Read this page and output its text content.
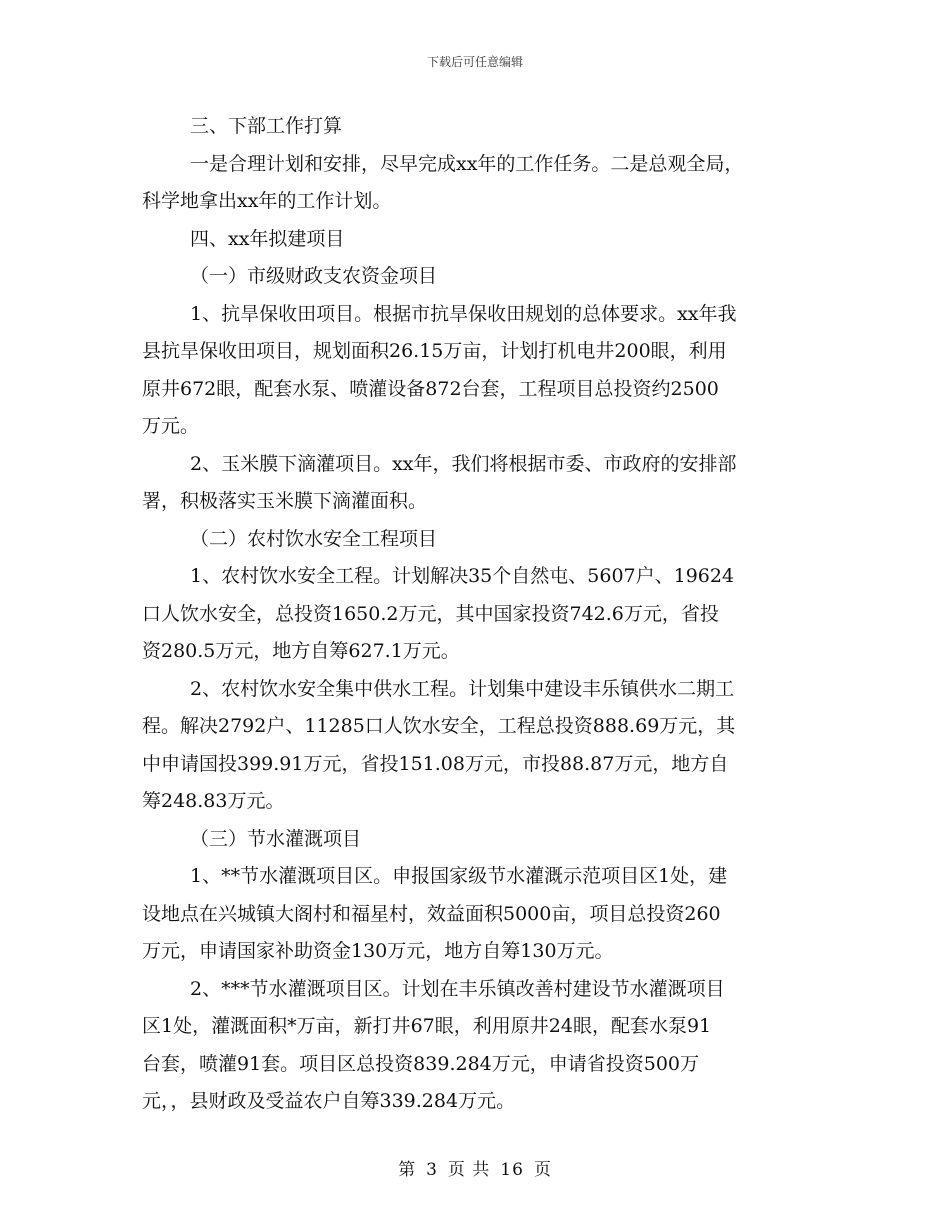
下载后可任意编辑
三、下部工作打算
一是合理计划和安排，尽早完成xx年的工作任务。二是总观全局，
科学地拿出xx年的工作计划。
四、xx年拟建项目
（一）市级财政支农资金项目
1、抗旱保收田项目。根据市抗旱保收田规划的总体要求。xx年我
县抗旱保收田项目，规划面积26.15万亩，计划打机电井200眼，利用
原井672眼，配套水泵、喷灌设备872台套，工程项目总投资约2500
万元。
2、玉米膜下滴灌项目。xx年，我们将根据市委、市政府的安排部
署，积极落实玉米膜下滴灌面积。
（二）农村饮水安全工程项目
1、农村饮水安全工程。计划解决35个自然屯、5607户、19624
口人饮水安全，总投资1650.2万元，其中国家投资742.6万元，省投
资280.5万元，地方自筹627.1万元。
2、农村饮水安全集中供水工程。计划集中建设丰乐镇供水二期工
程。解决2792户、11285口人饮水安全，工程总投资888.69万元，其
中申请国投399.91万元，省投151.08万元，市投88.87万元，地方自
筹248.83万元。
（三）节水灌溉项目
1、**节水灌溉项目区。申报国家级节水灌溉示范项目区1处，建
设地点在兴城镇大阁村和福星村，效益面积5000亩，项目总投资260
万元，申请国家补助资金130万元，地方自筹130万元。
2、***节水灌溉项目区。计划在丰乐镇改善村建设节水灌溉项目
区1处，灌溉面积*万亩，新打井67眼，利用原井24眼，配套水泵91
台套，喷灌91套。项目区总投资839.284万元，申请省投资500万
元，，县财政及受益农户自筹339.284万元。
第 3 页 共 16 页
